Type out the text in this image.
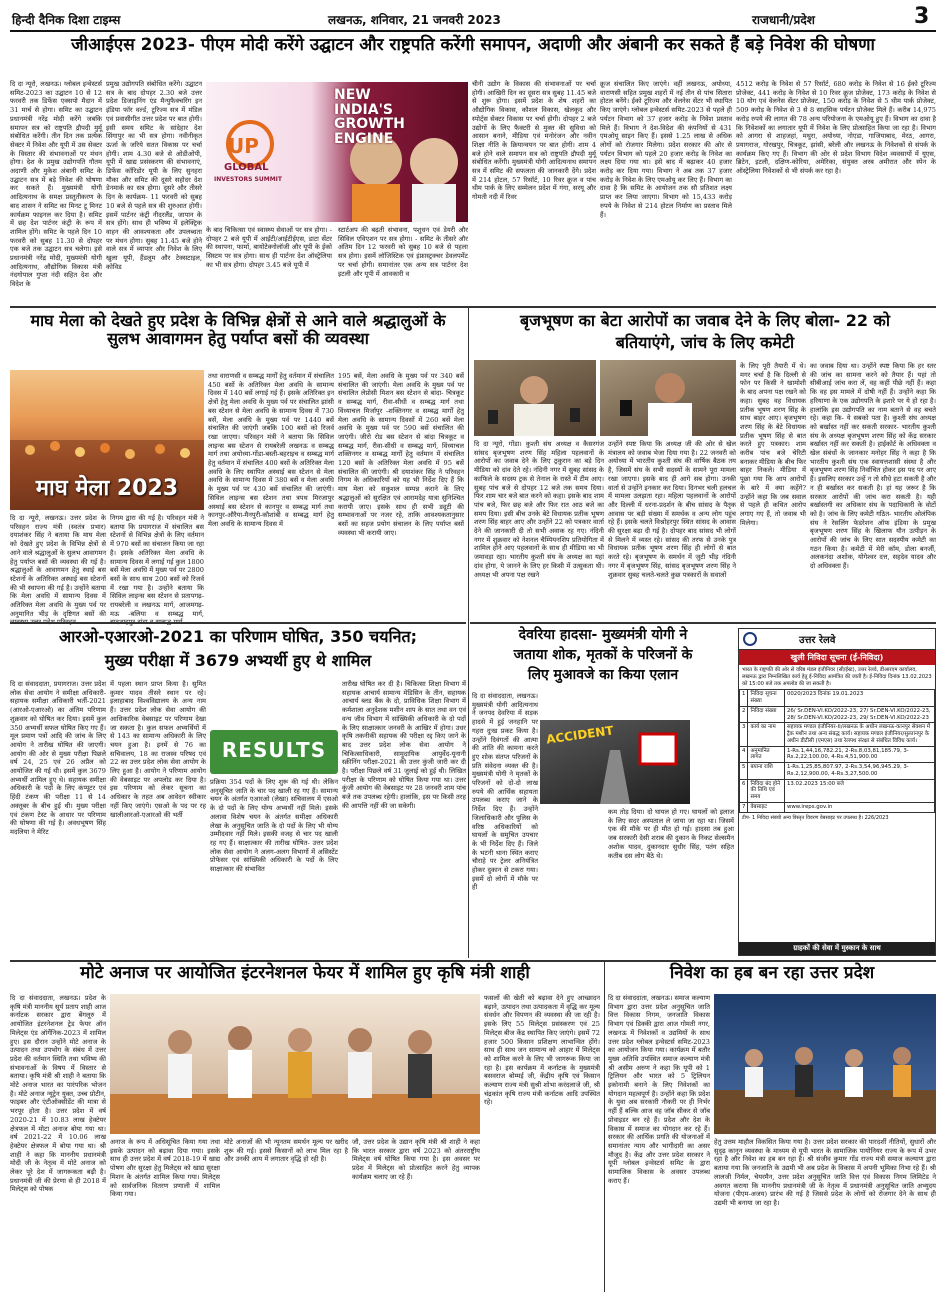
हिन्दी दैनिक दिशा टाइम्स	लखनऊ, शनिवार, 21 जनवरी 2023	राजधानी/प्रदेश	3
जीआईएस 2023- पीएम मोदी करेंगे उद्घाटन और राष्ट्रपति करेंगी समापन, अदाणी और अंबानी कर सकते हैं बड़े निवेश की घोषणा
दि दा न्यूरो, लखनऊ। ग्लोबल इन्वेस्टर्स समिट-2023 का उद्घाटन 10 से 12 फरवरी तक डिफेंस एक्सपो मैदान में 31 मार्च से होगा। समिट का उद्घाटन प्रधानमंत्री नरेंद्र मोदी करेंगे जबकि समापन सत्र को राष्ट्रपति द्रौपदी मुर्मू संबोधित करेंगी। तीन दिन तक प्रत्येक सेक्टर में निवेश और यूपी में उस सेक्टर के विस्तार की संभावनाओं पर मंथन होगा। देश के प्रमुख उद्योगपति गौतम अदाणी और मुकेश अंबानी समिट के उद्घाटन सत्र में बड़े निवेश की घोषणा कर सकते हैं। मुख्यमंत्री योगी आदित्यनाथ के समक्ष प्रस्तुतीकरण के बाद शासन ने समिट का मिनट टू मिनट कार्यक्रम फाइनल कर दिया है। समिट में छह देश पार्टनर कंट्री के रूप में शामिल होंगे। समिट के पहले दिन 10 फरवरी को सुबह 11.30 से दोपहर एक बजे तक उद्घाटन सत्र चलेगा। इसे प्रधानमंत्री नरेंद्र मोदी, मुख्यमंत्री योगी आदित्यनाथ, औद्योगिक विकास मंत्री नंदगोपाल गुप्ता नंदी सहित देश और विदेश के
प्रमुख उद्योगपति संबोधित करेंगे। उद्घाटन सत्र के बाद दोपहर 2.30 बजे उत्तर प्रदेश डिजाइनिंग एंड मैन्युफैक्चरिंग इन इंडिया फॉर वर्ल्ड, टूरिज्म सत्र में मंडिल एवं प्रवासीगीत उत्तर प्रदेश पर बात होगी। इसी समय समिट के सांदेहार देश सिंगापुर का भी सत्र होगा। नवीनीकृत ऊर्जा के जरिये सतत विकास पर चर्चा होगी। शाम 4.30 बजे से ओडीओपी, यूपी में खाद्य प्रसंस्करण की संभावनाएं, डिफेंस कॉरिडोर यूपी के लिए सुनहरा मौका और समिट की दूसरे सहोदर देश डेनमार्क का सत्र होगा। दूसरे और तीसरे दिन के कार्यक्रम- 11 फरवरी को सुबह 10 बजे से पहले सत्र की शुरुआत होगी। इसमें पार्टनर कंट्री नीदरलैंड, जापान के सत्र होंगे। साथ ही भविष्य में इलेक्ट्रिक वाहन की आवश्यकता और उपलब्धता पर मंथन होगा। सुबह 11.45 बजे होने वाले सत्र में व्यापार और निवेश के लिए खुला यूपी, हैंडलूम और टेक्सटाइल, कोविड
UP
GLOBAL
INVESTORS SUMMIT
NEW
INDIA'S
GROWTH
ENGINE
के बाद चिकित्सा एवं स्वास्थ्य सेवाओं पर सत्र होगा। - दोपहर 2 बजे यूपी में आईटी/आईटीईएस, डाटा सेंटर की स्थापना, फार्मा, बायोटेक्नोलॉजी और यूपी के ईको सिस्टम पर सत्र होगा। साथ ही पार्टनर देश ऑस्ट्रेलिया का भी सत्र होगा। दोपहर 3.45 बजे यूपी में
स्टार्टअप की बढ़ती संभावना, पशुधन एवं डेयरी और सिविल एविएशन पर सत्र होगा। - समिट के तीसरे और अंतिम दिन 12 फरवरी को सुबह 10 बजे से पहला सत्र होगा। इसमें लॉजिस्टिक एवं इंफ्रास्ट्रक्चर डेवलपमेंट पर चर्चा होगी। समानांतर एक अन्य सत्र पार्टनर देश इटली और यूपी में आवकारी व
चीनी उद्योग के विकास की संभावनाओं पर चर्चा होगी। आखिरी दिन का दूसरा सत्र सुबह 11.45 बजे से शुरू होगा। इसमें प्रदेश के शेष शहरों का औद्योगिक विकास, कौशल विकास, खेलकूद और स्पोर्ट्स सेक्टर विकास पर चर्चा होगी। दोपहर 2 बजे उद्योगों के लिए फैक्टरी से मुक्त की सुविधा को आसान बनाने, मीडिया एवं मनोरंजन और नवीन शिक्षा नीति के क्रियान्वयन पर बात होगी। शाम 4 बजे होने वाले समापन सत्र को राष्ट्रपति द्रौपदी मुर्मू संबोधित करेंगी। मुख्यमंत्री योगी आदित्यनाथ समापन सत्र में समिट की सफलता की जानकारी देंगे। प्रदेश में 214 होटल, 57 रिसॉर्ट, 10 रिवर क्रूज व पांच थीम पार्क के लिए सम्मेलन प्रदेश में गंगा, सरयू और गोमती नदी में रिवर
क्रूज संचालित किए जाएंगे। वहीं लखनऊ, अयोध्या, वाराणसी सहित प्रमुख शहरों में नई तीन से पांच सितारा होटल बनेंगे। ईको टूरिज्म और वेलनेस सेंटर भी स्थापित किए जाएंगे। ग्लोबल इन्वेस्टर्स समिट-2023 से पहले ही पर्यटन विभाग को 37 हजार करोड़ के निवेश प्रस्ताव मिले हैं। विभाग ने देश-विदेश की कंपनियों से 431 एमओयू साइन किए हैं। इससे 1.25 लाख से अधिक लोगों को रोजगार मिलेगा। प्रदेश सरकार की ओर से पर्यटन विभाग को पहले 20 हजार करोड़ के निवेश का लक्ष्य दिया गया था। इसे बाद में बढ़ाकर 40 हजार करोड़ कर दिया गया। विभाग ने अब तक 37 हजार करोड़ के निवेश के लिए एमओयू कर लिए हैं। विभाग का दावा है कि समिट के आयोजन तक सौ प्रतिशत लक्ष्य प्राप्त कर लिया जाएगा। विभाग को 15,433 करोड़ रुपये के निवेश से 214 होटल निर्माण का प्रस्ताव मिले हैं।
4512 करोड़ के निवेश से 57 रिसॉर्ट, 680 करोड़ के निवेश से 16 ईको टूरिज्म प्रोजेक्ट, 441 करोड़ के निवेश से 10 रिवर क्रूज प्रोजेक्ट, 173 करोड़ के निवेश से 10 योग एवं वेलनेस सेंटर प्रोजेक्ट, 150 करोड़ के निवेश से 5 थीम पार्क प्रोजेक्ट, 509 करोड़ के निवेश से 3 से 8 साहसिक पर्यटन प्रोजेक्ट मिले हैं। करीब 14,975 करोड़ रुपये की लागत की 78 अन्य परियोजना के एमओयू हुए हैं। विभाग का दावा है कि निवेशकों का लगातार यूपी में निवेश के लिए प्रोत्साहित किया जा रहा है। विभाग को आगरा से शाहजहां, मथुरा, अयोध्या, नोएडा, गाजियाबाद, मेरठ, आगरा, प्रयागराज, गोरखपुर, चित्रकूट, झांसी, बरेली और लखनऊ के निवेशकों से संपर्क के कार्यक्रम किए गए हैं। विभाग की ओर से प्रदेश विभाग विदेश व्यवसायों में यूएस, ब्रिटेन, इटली, दक्षिण-कोरिया, अमेरिका, संयुक्त अरब अमीरात और स्पेन के ऑस्ट्रेलिया निवेशकों से भी संपर्क कर रहा है।
माघ मेला को देखते हुए प्रदेश के विभिन्न क्षेत्रों से आने वाले श्रद्धालुओं के सुलभ आवागमन हेतु पर्याप्त बसों की व्यवस्था
माघ मेला 2023
दि दा न्यूरो, लखनऊ। उत्तर प्रदेश के परिवहन राज्य मंत्री (स्वतंत्र प्रभार) दयाशंकर सिंह ने बताया कि माघ मेला को देखते हुए प्रदेश के विभिन्न क्षेत्रों से आने वाले श्रद्धालुओं के सुलभ आवागमन हेतु पर्याप्त बसों की व्यवस्था की गई है। श्रद्धालुओं के आवागमन हेतु स्थाई बस स्टेशनों के अतिरिक्त अस्थाई बस स्टेशनों की भी स्थापना की गई है। उन्होंने बताया कि मेला अवधि में सामान्य दिवस में अतिरिक्त मेला अवधि के मुख्य पर्व पर अनुमानित भीड़ के दृष्टिगत बसों की
निगम द्वारा की गई है। परिवहन मंत्री ने बताया कि प्रयागराज में संचालित बस स्टेशनों से विभिन्न क्षेत्रों के लिए वर्तमान में 970 बसों का संचालन किया जा रहा है। इसके अतिरिक्त मेला अवधि के सामान्य दिवस में लगाई गई कुल 1800 बसें मेला अवधि में मुख्य पर्व पर 2800 बसों के साथ साथ 200 बसों को रिजर्व में रखा गया है। उन्होंने बताया कि सिविल लाइन्स बस स्टेशन से प्रतापगढ़-रायबरेली व लखनऊ मार्ग, आजमगढ़-मऊ -बलिया व सम्बद्ध मार्ग,
तथा वाराणसी व सम्बद्ध मार्गों हेतु वर्तमान में संचालित 450 बसों के अतिरिक्त मेला अवधि के सामान्य दिवस में 140 बसें लगाई गई हैं। इसके अतिरिक्त इन क्षेत्रों हेतु मेला अवधि के मुख्य पर्व पर संचालित झांसी बस स्टेशन से मेला अवधि के सामान्य दिवस में 730 बसें, मेला अवधि के मुख्य पर्व पर 1440 बसें संचालित की जाएंगी जबकि 100 बसों को रिजर्व रखा जाएगा। परिवहन मंत्री ने बताया कि सिविल लाइन्स बस स्टेशन से रायबरेली लखनऊ व सम्बद्ध मार्ग तथा अयोध्या-गोंडा-बस्ती-बहराइच व सम्बद्ध मार्ग हेतु वर्तमान में संचालित 400 बसों के अतिरिक्त मेला अवधि के लिए स्थापित अस्थाई बस स्टेशन से मेला अवधि के सामान्य दिवस में 380 बसें व मेला अवधि के मुख्य पर्व पर 430 बसें संचालित की जाएंगी। सिविल लाइन्स बस स्टेशन तथा त्रपथ मिरजापुर अस्थाई बस स्टेशन से कानपुर व सम्बद्ध मार्ग तथा कानपुर-औरैया-मैनपुरी-कौशांबी व सम्बद्ध मार्ग हेतु मेला अवधि के सामान्य दिवस में
195 बसें, मेला अवधि के मुख्य पर्व पर 340 बसें संचालित की जाएंगी। मेला अवधि के मुख्य पर्व पर संचालित लेप्रोसी मिशन बस स्टेशन से बांदा- चित्रकूट व सम्बद्ध मार्ग, रीवा-सीधी व सम्बद्ध मार्ग तथा विंध्याचल मिर्जापुर -शक्तिनगर व सम्बद्ध मार्गों हेतु मेला अवधि के सामान्य दिवसों में 260 बसें मेला अवधि के मुख्य पर्व पर 590 बसें संचालित की जाएंगी। जीरो रोड बस स्टेशन से बांदा चित्रकूट व सम्बद्ध मार्ग, रीवा-सीधी व सम्बद्ध मार्ग, विंध्याचल शक्तिनगर व सम्बद्ध मार्गों हेतु वर्तमान में संचालित 120 बसों के अतिरिक्त मेला अवधि में 95 बसें संचालित की जाएंगी। श्री दयाशंकर सिंह ने परिवहन निगम के अधिकारियों को यह भी निर्देश दिए हैं कि माघ मेला को सकुशल सम्पन्न कराने के लिए श्रद्धालुओं को सुरक्षित एवं आरामदेह यात्रा सुनिश्चित करायी जाए। इसके साथ ही सभी ड्यूटी की सम्भावनाओं पर नजर रहे, ताकि आवश्यकतानुसार बसों का सहज प्रयोग संचालन के लिए पर्याप्त बसों व्यवस्था भी करायी जाए।
बृजभूषण का बेटा आरोपों का जवाब देने के लिए बोला- 22 को
बतियाएंगे, जांच के लिए कमेटी
दि दा न्यूरो, गोंडा। कुश्ती संघ अध्यक्ष व कैसरगंज सांसद बृजभूषण शरण सिंह महिला पहलवानों के आरोपों का जवाब देने के लिए ठ्रकुरान का बड़े दिन मीडिया को दांव देते रहे। नंदिनी नगर में सुबह सांसद के काफिले के सदस्य ट्रक से तेनाल के रास्ते में टीम आए। सुबह पांच बजे से दोपहर 12 बजे तक समय दिया। फिर शाम चार बजे बात करने को कहा। इसके बाद शाम पांच बजे, फिर छह बजे और फिर रात आठ बजे का समय दिया। इसी बीच उनके बेटे विधायक प्रतीक भूषण शरण सिंह बाहर आए और उन्होंने 22 को पत्रकार वार्ता देने की जानकारी दी तो सभी अवाक रह गए। नंदिनी नगर में शुक्रवार को नेशनल चैम्पियनशिप प्रतियोगिता में शामिल होने आए पहलवानों के साथ ही मीडिया का भी जमावड़ा रहा। भारतीय कुश्ती संघ के अध्यक्ष का यहां दांव होगा, ये जानने के लिए हर किसी में उत्सुकता थी। अध्यक्ष भी अपना पक्ष रखने
उन्होंने स्पष्ट किया कि अध्यक्ष जी की ओर से खेल मंत्रालय को जवाब भेजा दिया गया है। 22 जनवरी को अयोध्या में भारतीय कुश्ती संघ की वार्षिक बैठक तय है, जिसमें संघ के सभी सदस्यों के सामने पूरा मामला रखा जाएगा। इसके बाद ही आगे सब होगा। उनकी वार्ता से उन्होंने इनकार कर दिया। दिनभर चली हलचल में मामला उलझता रहा। महिला पहलवानों के आरोपों और दिल्ली में धरना-प्रदर्शन के बीच सांसद के पैतृक आवास पर बड़ी संख्या में समर्थक व अन्य लोग पहुंच रहे हैं। इसके चलते विश्नोहरपुर स्थित सांसद के आवास की सुरक्षा बढ़ा दी गई है। दोपहर बाद सांसद भी लोगों से मिलने में व्यस्त रहे। सांसद की तरफ से उनके पुत्र विधायक प्रतीक भूषण शरण सिंह ही लोगों से बात करते रहे। बृजभूषण के समर्थन में जुटी भीड़ नंदिनी नगर में बृजभूषण सिंह, सांसद बृजभूषण शरण सिंह ने शुक्रवार सुबह चलते-चलते कुछ पत्रकारों के सवालों
के लिए पूरी तैयारी में थे। मगर चर्चा है कि दिल्ली से फोन पर किसी ने खामोशी के बाद अपना पक्ष रखने को कहा। सुबह वह विधायक प्रतीक भूषण शरण सिंह के साथ बाहर आए। बृजभूषण शरण सिंह के बेटे विधायक प्रतीक भूषण सिंह से बात करते हुए पत्रकार। शाम करीब पांच बजे चेरिटी बनाकर मीडिया के बीच फिर बाहर निकले। मीडिया में पूछा गया कि आप आरोपों के बारे में क्या कहेंगे? उन्होंने कहा कि जब सवाल से पहले ही कथित आरोप लगाए गए हैं, तो जवाब भी मिलेगा।
का जवाब दिया था। उन्होंने स्पष्ट किया कि हर स्तर की जांच का सामना करने को तैयार हैं। यहां तो सीबीआई जांच करा लें, वह कहीं पीछे नहीं हैं। कहा कि वह इस मामले में दोषी नहीं हैं। उन्होंने कहा कि हरियाणा के एक उद्योगपति के इशारे पर ये हो रहा है। हालांकि इस उद्योगपति का नाम बताने से वह बचते रहे। कहा कि- ये सबको पता है। कुश्ती संघ अध्यक्ष को बर्खास्त नहीं कर सकती सरकार- भारतीय कुश्ती संघ के अध्यक्ष बृजभूषण शरण सिंह को केंद्र सरकार बर्खास्त नहीं कर सकती है। हाईकोर्ट के अधिवक्ता व खेल संबंधों के जानकार मनोहर सिंह ने कहा है कि भारतीय कुश्ती संघ एक स्वायत्तशासी संस्था है और बृजभूषण शरण सिंह निर्वाचित होकर इस पद पर आए हैं। इसलिए सरकार उन्हें न तो सीधे हटा सकती है और न ही बर्खास्त कर सकती है। हां यह जरूर है कि सरकार आरोपों की जांच करा सकती है। यही बर्खास्तगी का अधिकार संघ के पदाधिकारी के वोटों को है। जांच के लिए कमेटी गठित- भारतीय ओलंपिक संघ ने रेसलिंग फेडरेशन ऑफ इंडिया के प्रमुख बृजभूषण शरण सिंह के खिलाफ यौन उत्पीड़न के आरोपों की जांच के लिए सात सदस्यीय कमेटी का गठन किया है। कमेटी में मेरी कॉम, डोला बनर्जी, अलकनंदा अशोक, योगेश्वर दत्त, सहदेव यादव और दो अधिवक्ता हैं।
आरओ-एआरओ-2021 का परिणाम घोषित, 350 चयनित;
मुख्य परीक्षा में 3679 अभ्यर्थी हुए थे शामिल
दि दा संवाददाता, प्रयागराज। उत्तर प्रदेश लोक सेवा आयोग ने समीक्षा अधिकारी-सहायक समीक्षा अधिकारी भर्ती-2021 (आरओ-एआरओ) का अंतिम परिणाम शुक्रवार को घोषित कर दिया। इसमें कुल 350 अभ्यर्थी सफल घोषित किए गए हैं। मूल प्रमाण पत्रों आदि की जांच के लिए आयोग ने तारीख घोषित की जाएगी। आयोग की ओर से मुख्य परीक्षा पिछले वर्ष 24, 25 एवं 26 अप्रैल को आयोजित की गई थी। इसमें कुल 3679 अभ्यर्थी शामिल हुए थे। सहायक समीक्षा अधिकारी के पदों के लिए कंप्यूटर एवं हिंदी टंकण की परीक्षा 11 से 14 अक्तूबर के बीच हुई थी। मुख्य परीक्षा एवं टंकण टेस्ट के आधार पर परिणाम की घोषणा की गई है। अवधभूषण सिंह मदलिया ने मेरिट
में पहला स्थान प्राप्त किया है। सुमित कुमार यादव तीसरे स्थान पर रहे। इलाहाबाद विश्वविद्यालय के अन्य नाम हैं। उत्तर प्रदेश लोक सेवा आयोग की आधिकारिक वेबसाइट पर परिणाम देखा जा सकता है। कुल सफल अभ्यर्थियों में से 143 का सामान्य अधिकारी के लिए चयन हुआ है। इनमें से 76 का सचिवालय, 18 का राजस्व परिषद एवं 22 का उत्तर प्रदेश लोक सेवा आयोग के लिए हुआ है। आयोग ने परिणाम आयोग की वेबसाइट पर अपलोड कर दिया है। इस परिणाम को लेकर सूचना का अधिकार के तहत अब आवेदन स्वीकार नहीं किए जाएंगे। एसओ के पद पर रह खालीआरओ-एआरओ की भर्ती
RESULTS
प्रक्रिया 354 पदों के लिए शुरू की गई थी। लेकिन अनुसूचित जाति के चार पद खाली रह गए हैं। सामान्य चयन के अंतर्गत एआरओ (लेखा) सचिवालय में एसओ के दो पदों के लिए योग्य अभ्यर्थी नहीं मिले। इसके अलावा विशेष चयन के अंतर्गत समीक्षा अधिकारी लेखा के अनुसूचित जाति के दो पदों के लिए भी योग्य उम्मीदवार नहीं मिले। इसकी वजह से चार पद खाली रह गए हैं। साक्षात्कार की तारीख घोषित- उत्तर प्रदेश लोक सेवा आयोग ने अलग-अलग विभागों में असिस्टेंट प्रोफेसर एवं सांख्यिकी अधिकारी के पदों के लिए साक्षात्कार की संभावित
तारीख घोषित कर दी है। चिकित्सा शिक्षा विभाग में सहायक आचार्य सामान्य मेडिसिन के तीन, सहायक आचार्य ब्लड बैंक के दो, प्राविधिक शिक्षा विभाग में कर्मशाला अनुदेशक मशीन शाप के सात तथा वन एवं वन्य जीव विभाग में सांख्यिकी अधिकारी के दो पदों के लिए साक्षात्कार जनवरी के आखिर में होगा। उधर कृषि तकनीकी सहायक की परीक्षा रद्द किए जाने के बाद उत्तर प्रदेश लोक सेवा आयोग ने चिकित्साधिकारी, सामुदायिक आयुर्वेद-यूनानी स्क्रीनिंग परीक्षा-2021 की उत्तर कुंजी जारी कर दी है। परीक्षा पिछले वर्ष 31 जुलाई को हुई थी। लिखित परीक्षा के परिणाम को घोषित किया गया था। उत्तर कुंजी आयोग की वेबसाइट पर 28 जनवरी शाम पांच बजे तक उपलब्ध रहेगी। हालांकि, इस पर किसी तरह की आपत्ति नहीं की जा सकेगी।
देवरिया हादसा- मुख्यमंत्री योगी ने
जताया शोक, मृतकों के परिजनों के
लिए मुआवजे का किया एलान
ACCIDENT
दि दा संवाददाता, लखनऊ। मुख्यमंत्री योगी आदित्यनाथ ने जनपद देवरिया में सड़क हादसे में हुई जनहानि पर गहरा दुःख प्रकट किया है। उन्होंने दिवंगतों की आत्मा की शांति की कामना करते हुए शोक संतप्त परिजनों के प्रति संवेदना व्यक्त की है। मुख्यमंत्री योगी ने मृतकों के परिजनों को दो-दो लाख रुपये की आर्थिक सहायता उपलब्ध कराए जाने के निर्देश दिए हैं। उन्होंने जिलाधिकारी और पुलिस के वरिष्ठ अधिकारियों को घायलों के समुचित उपचार के भी निर्देश दिए हैं। जिले के भटनी थाना स्थित कराए चौराहे पर ट्रेलर अनियंत्रित होकर दुकान से टकरा गया। इसमें दो लोगों में मौके पर ही
कम तोड़ दिया। दो घायल हो गए। घायलों को इलाज के लिए सदर अस्पताल ले जाया जा रहा था। जिसमें एक की मौके पर ही मौत हो गई। हादसा तब हुआ जब सरकारी देसी शराब की दुकान के निकट सेल्समैन अशोक यादव, दुकानदार सुधीर सिंह, पतंग सहित कतीब दस लोग बैठे थे।
उत्तर रेलवे
खुली निविदा सूचना (ई-निविदा)
भारत के राष्ट्रपति की ओर से वरिष्ठ मंडल इंजीनियर (सी/ईस्ट), उत्तर रेलवे, डीआरएम कार्यालय, लखनऊ द्वारा निम्नलिखित कार्य हेतु ई-निविदा आमंत्रित की जाती है। ई-निविदा दिनांक 13.02.2023 को 15:00 बजे तक अपलोड की जा सकती है।
1	निविदा सूचना संख्या	0020/2023 दिनांक 19.01.2023
2	निविदा संख्या	26/ Sr.DEN-VI.KO/2022-23, 27/ Sr.DEN-VI.KO/2022-23, 28/ Sr.DEN-VI.KO/2022-23, 29/ Sr.DEN-VI.KO/2022-23
3	कार्य का नाम	सहायक मण्डल इंजीनियर-II/लखनऊ के अधीन लखनऊ-कानपुर सेक्शन में ट्रैक मशीन तथा अन्य संबद्ध कार्य। सहायक मण्डल इंजीनियर/सुल्तानपुर के अधीन डीटीसी (एमएस) तथा रेलपथ संरक्षा से संबंधित विविध कार्य।
4	अनुमानित लागत	1-Rs.1,44,16,782.21, 2-Rs.8,03,81,185.79, 3-Rs.2,22,100.00, 4-Rs.4,51,900.00
5	बयाना राशि	1-Rs.1,25,85,807.97, 2-Rs.3,54,96,945.29, 3-Rs.2,12,900.00, 4-Rs.3,27,500.00
6	निविदा बंद होने की तिथि एवं समय	13.02.2023 15:00 बजे
7	वेबसाइट	www.ireps.gov.in
टीप- 1 निविदा संबंधी अन्य विस्तृत विवरण वेबसाइट पर उपलब्ध है। 226/2023
ग्राहकों की सेवा में मुस्कान के साथ
मोटे अनाज पर आयोजित इंटरनेशनल फेयर में शामिल हुए कृषि मंत्री शाही
दि दा संवाददाता, लखनऊ। प्रदेश के कृषि मंत्री माननीय सूर्य प्रताप शाही आज कर्नाटक सरकार द्वारा बेंगलूरु में आयोजित इंटरनेशनल ट्रेड फेयर ऑन मिलेट्स एंड ऑर्गेनिक-2023 में शामिल हुए। इस दौरान उन्होंने मोटे अनाज के उत्पादन तथा उपभोग के संबंध में उत्तर प्रदेश की वर्तमान स्थिति तथा भविष्य की संभावनाओं के विषय में विस्तार से बताया। कृषि मंत्री श्री शाही ने बताया कि मोटे अनाज भारत का पारंपरिक भोजन है। मोटे अनाज न्यूट्रेन युक्त, उच्च प्रोटीन, फाइबर और एंटीऑक्सीडेंट की मात्रा से भरपूर होता है। उत्तर प्रदेश में वर्ष 2020-21 में 10.83 लाख हेक्टेयर क्षेत्रफल में मोटा अनाज बोया गया था। वर्ष 2021-22 में 10.06 लाख हेक्टेयर क्षेत्रफल में बोया गया था। श्री शाही ने कहा कि माननीय प्रधानमंत्री मोदी जी के नेतृत्व में मोटे अनाज को लेकर पूरे देश में जागरूकता बढ़ी है। प्रधानमंत्री जी की प्रेरणा से ही 2018 में मिलेट्स को पोषक
अनाज के रूप में अधिसूचित किया गया तथा इसके उत्पादन को बढ़ावा दिया गया। इसके साथ ही उत्तर प्रदेश में वर्ष 2018-19 में खाद्य पोषण और सुरक्षा हेतु मिलेट्स को खाद्य सुरक्षा मिशन के अंतर्गत शामिल किया गया। मिलेट्स को सार्वजनिक वितरण प्रणाली में शामिल किया गया।
मोटे अनाजों की भी न्यूनतम समर्थन मूल्य पर खरीद शुरू की गई। इससे किसानों को लाभ मिल रहा है और उनकी आय में लगातार वृद्धि हो रही है।
जौ, उत्तर प्रदेश के उद्यान कृषि मंत्री श्री शाही ने कहा कि भारत सरकार द्वारा वर्ष 2023 को अंतरराष्ट्रीय मिलेट्स वर्ष घोषित किया गया है। इस अवसर पर प्रदेश में मिलेट्स को प्रोत्साहित करने हेतु व्यापक कार्यक्रम चलाए जा रहे हैं।
फसलों की खेती को बढ़ावा देने हुए आच्छादन बढ़ाने, उत्पादन तथा उत्पादकता में वृद्धि कर मूल्य संवर्धन और विपणन की व्यवस्था की जा रही है। इसके लिए 55 मिलेट्स प्रसंस्करण एवं 25 मिलेट्स बीज केंद्र स्थापित किए जाएंगे। इसमें 72 हजार 500 किसान प्रशिक्षण लाभान्वित होंगे। साथ ही साथ जन सामान्य को आहार में मिलेट्स को शामिल करने के लिए भी जागरूक किया जा रहा है। इस कार्यक्रम में कर्नाटक के मुख्यमंत्री बसवराज बोम्मई जी, केंद्रीय कृषि एवं किसान कल्याण राज्य मंत्री सुश्री शोभा करंदलाजे जी, श्री चंद्रकांत कृषि राज्य मंत्री कर्नाटक आदि उपस्थित रहे।
निवेश का हब बन रहा उत्तर प्रदेश
दि दा संवाददाता, लखनऊ। समाज कल्याण विभाग द्वारा उत्तर प्रदेश अनुसूचित जाति वित्त विकास निगम, जनजाति विकास विभाग एवं डिक्की द्वारा आज गोमती नगर, लखनऊ में निवेशकों व उद्यमियों के साथ उत्तर प्रदेश ग्लोबल इन्वेस्टर्स समिट-2023 का आयोजन किया गया। कार्यक्रम में बतौर मुख्य अतिथि उपस्थित समाज कल्याण मंत्री श्री असीम अरुण ने कहा कि यूपी को 1 ट्रिलियन और भारत को 5 ट्रिलियन इकोनामी बनाने के लिए निवेशकों का योगदान महत्वपूर्ण है। उन्होंने कहा कि प्रदेश के युवा अब सरकारी नौकरी पर ही निर्भर नहीं हैं बल्कि आज वह जॉब सीकर से जॉब प्रोवाइडर बन रहे हैं। प्रदेश और देश के विकास में समाज का योगदान कर रहे हैं। सरकार की आर्थिक प्रगति की योजनाओं में समानांतर न्याय और भागीदारी का असर मौजूद है। केंद्र और उत्तर प्रदेश सरकार ने यूपी ग्लोबल इन्वेस्टर्स समिट के द्वारा सामाजिक विकास के अवसर उपलब्ध कराए हैं।
हेतु उत्तम माहौल विकसित किया गया है। उत्तर प्रदेश सरकार की पारदर्शी नीतियों, सुधारों और सुदृढ़ कानून व्यवस्था के माध्यम से यूपी भारत के सामाजिक पायोनियर राज्य के रूप में उभर रहा है और निवेश का हब बन रहा है। श्री संजीव कुमार गोंड राज्य मंत्री समाज कल्याण द्वारा बताया गया कि जनजाति के उद्यमी भी अब प्रदेश के विकास में अपनी भूमिका निभा रहे हैं। श्री लालजी निर्मल, चेयरमैन, उत्तर प्रदेश अनुसूचित जाति वित्त एवं विकास निगम लिमिटेड ने अवगत कराया कि माननीय प्रधानमंत्री जी के नेतृत्व में प्रधानमंत्री अनुसूचित जाति अभ्युदय योजना (पीएम-अजय) प्रारंभ की गई है जिससे प्रदेश के लोगों को रोजगार देने के साथ ही उद्यमी भी बनाया जा रहा है।
